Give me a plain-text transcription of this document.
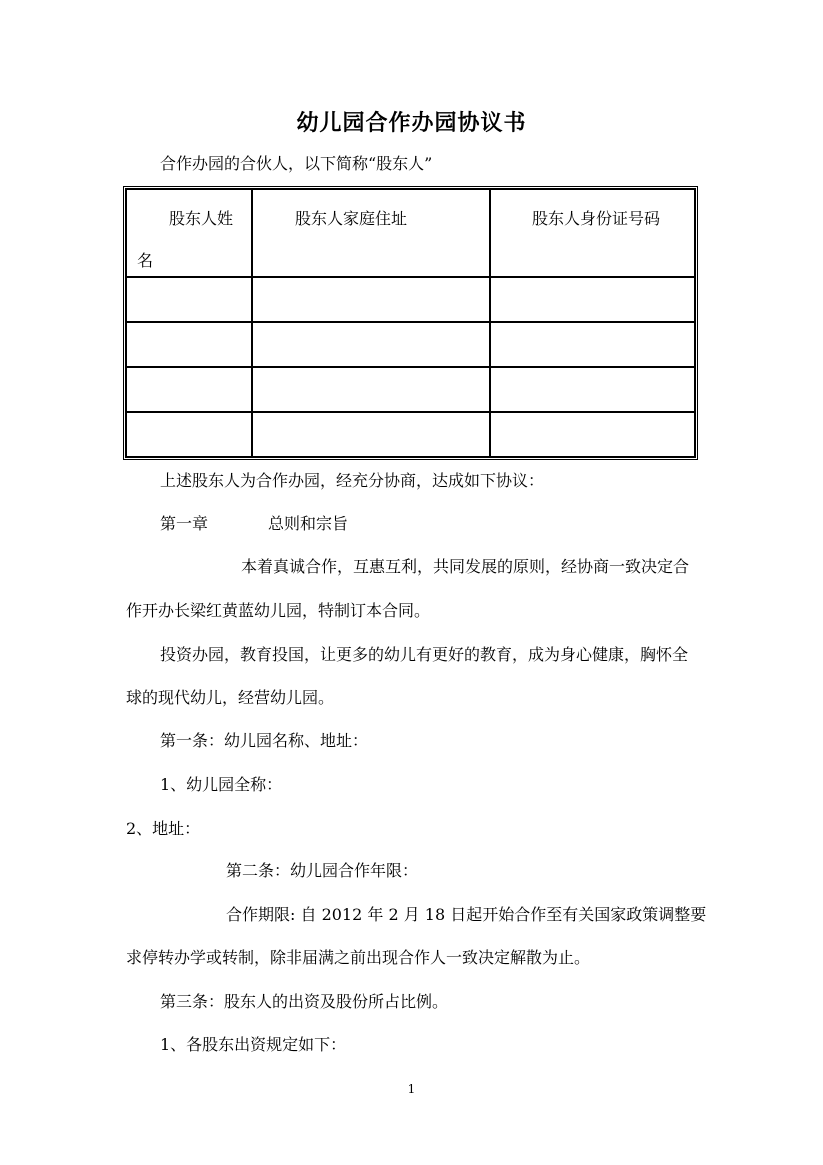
幼儿园合作办园协议书
合作办园的合伙人，以下简称“股东人”
股东人姓
名	股东人家庭住址	股东人身份证号码

上述股东人为合作办园，经充分协商，达成如下协议：
第一章	总则和宗旨
本着真诚合作，互惠互利，共同发展的原则，经协商一致决定合
作开办长梁红黄蓝幼儿园，特制订本合同。
投资办园，教育投国，让更多的幼儿有更好的教育，成为身心健康，胸怀全
球的现代幼儿，经营幼儿园。
第一条：幼儿园名称、地址：
1、幼儿园全称：
2、地址：
第二条：幼儿园合作年限：
合作期限: 自 2012 年 2 月 18 日起开始合作至有关国家政策调整要
求停转办学或转制，除非届满之前出现合作人一致决定解散为止。
第三条：股东人的出资及股份所占比例。
1、各股东出资规定如下：
1
